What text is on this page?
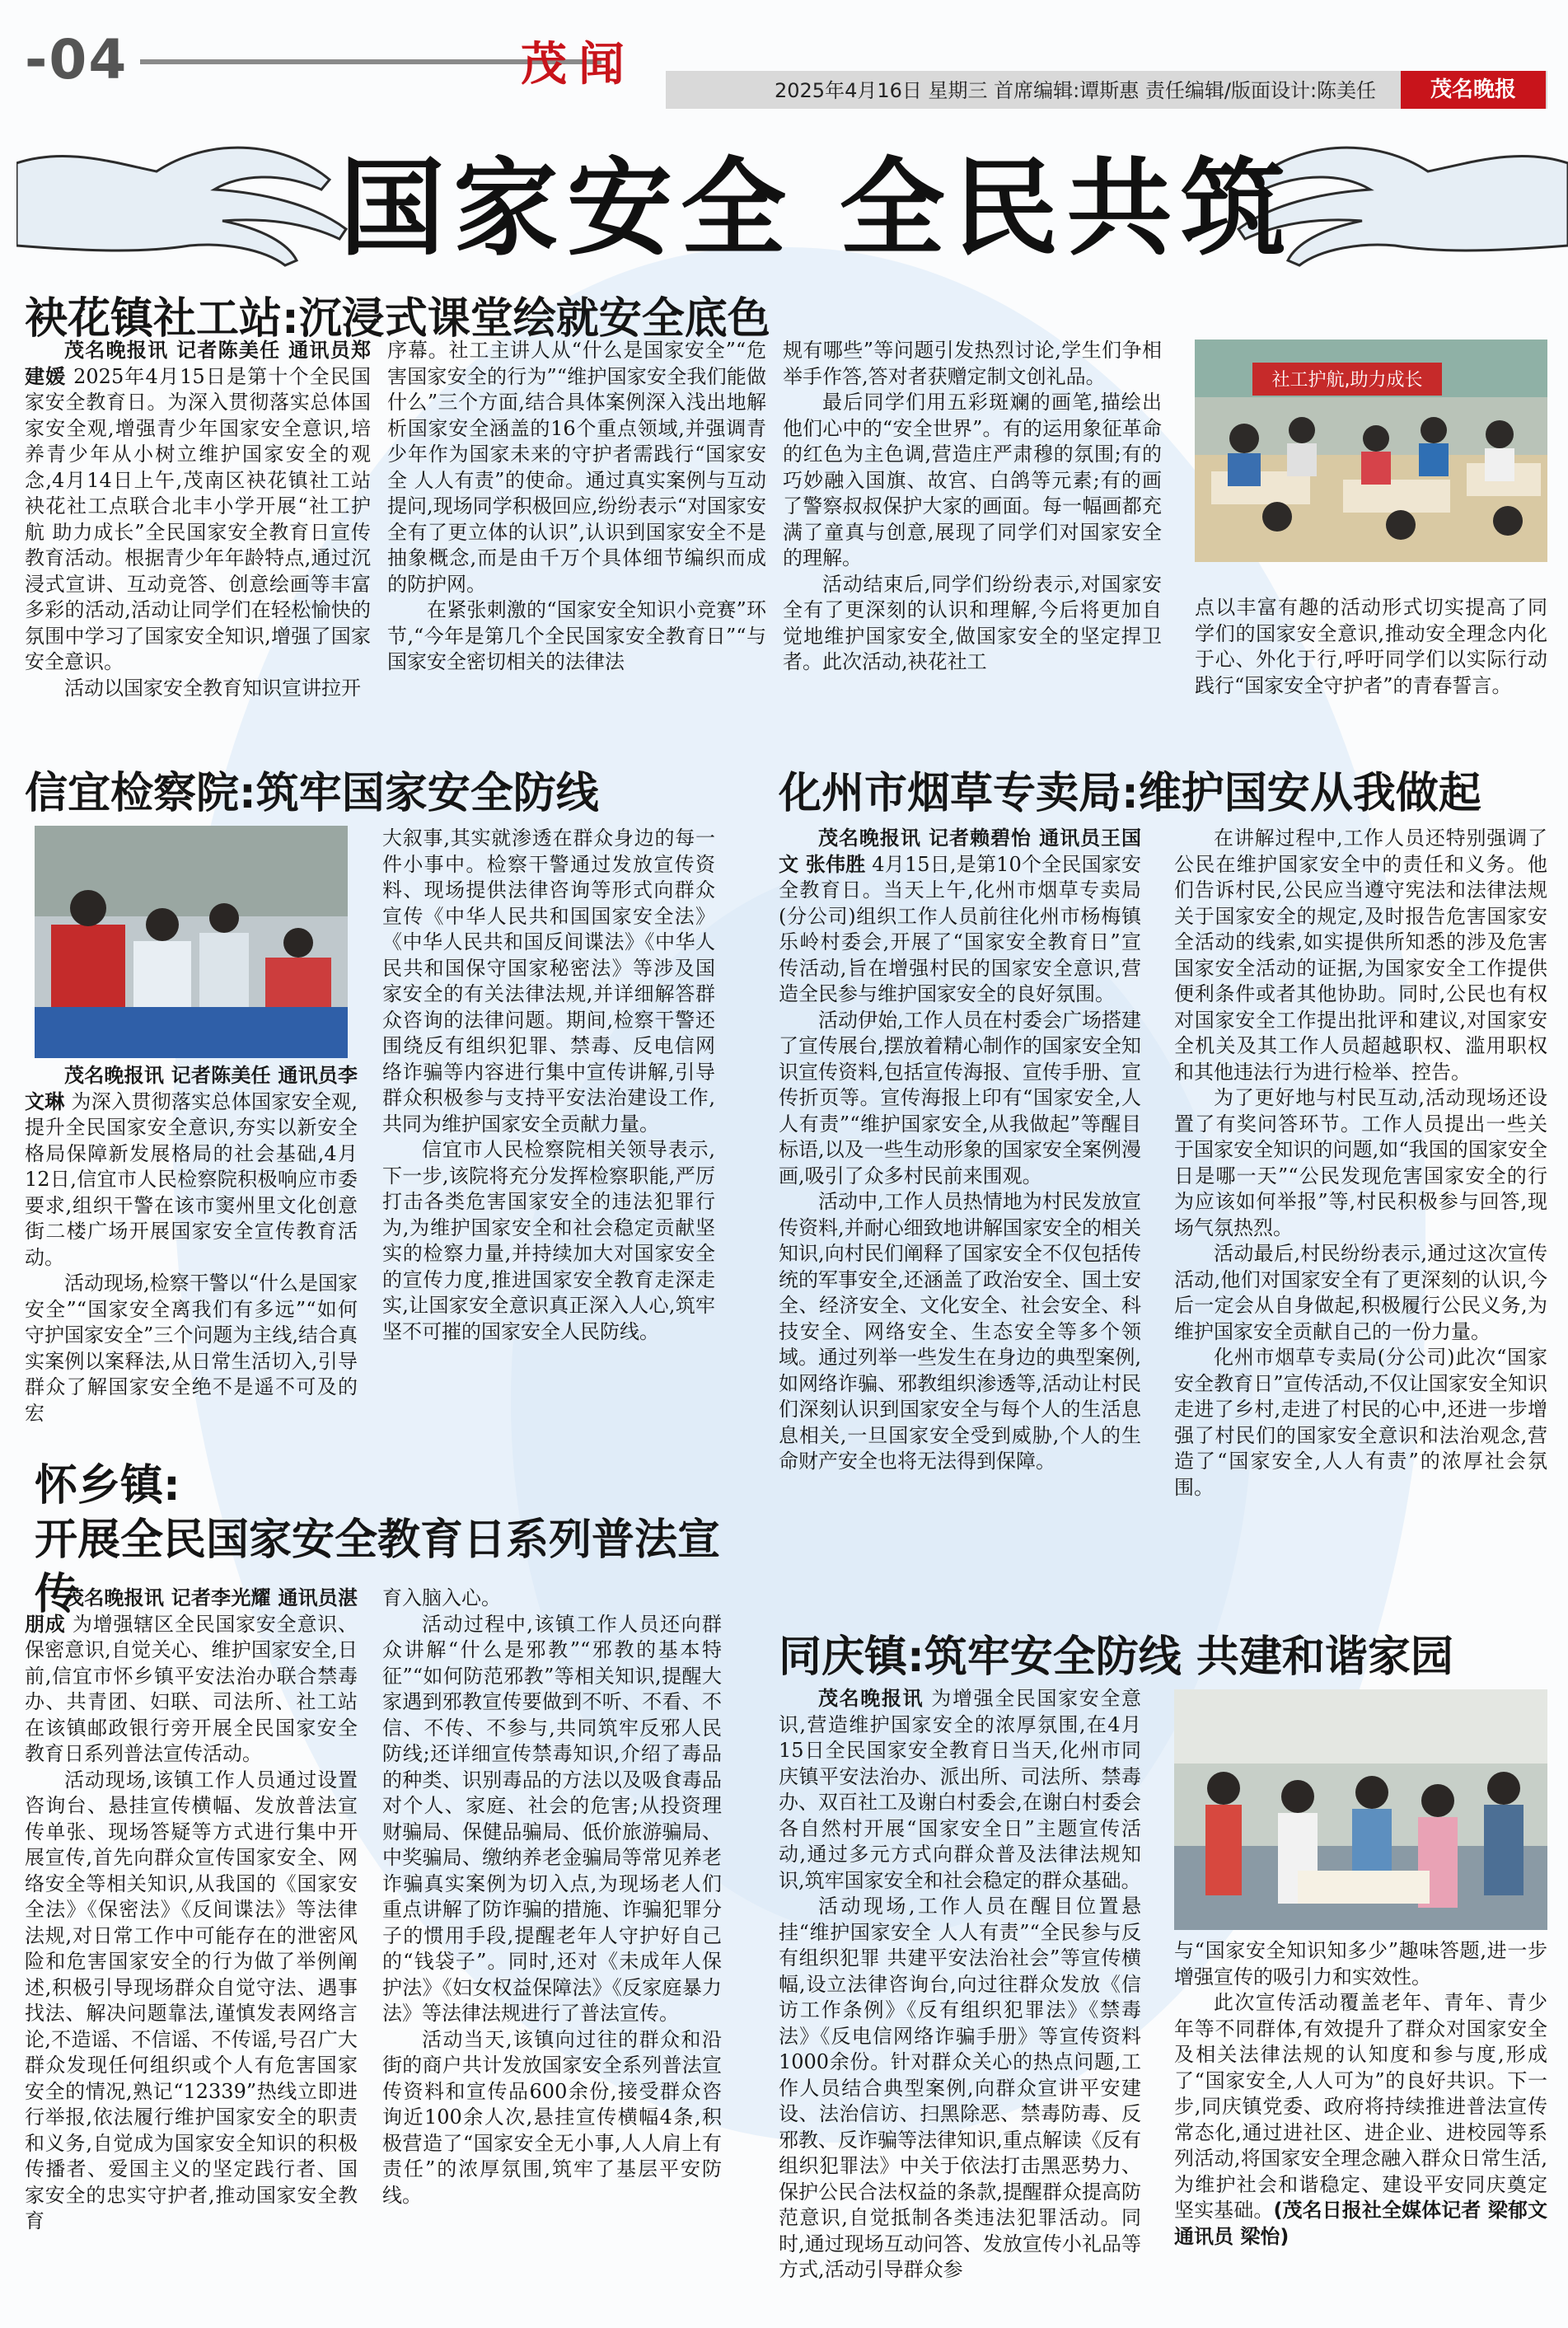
-04	茂闻	2025年4月16日 星期三 首席编辑:谭斯惠 责任编辑/版面设计:陈美任	茂名晚报
国家安全 全民共筑
袂花镇社工站:沉浸式课堂绘就安全底色

茂名晚报讯 记者陈美任 通讯员郑建媛 2025年4月15日是第十个全民国家安全教育日。为深入贯彻落实总体国家安全观,增强青少年国家安全意识,培养青少年从小树立维护国家安全的观念,4月14日上午,茂南区袂花镇社工站袂花社工点联合北丰小学开展“社工护航 助力成长”全民国家安全教育日宣传教育活动。根据青少年年龄特点,通过沉浸式宣讲、互动竞答、创意绘画等丰富多彩的活动,活动让同学们在轻松愉快的氛围中学习了国家安全知识,增强了国家安全意识。

活动以国家安全教育知识宣讲拉开

序幕。社工主讲人从“什么是国家安全”“危害国家安全的行为”“维护国家安全我们能做什么”三个方面,结合具体案例深入浅出地解析国家安全涵盖的16个重点领域,并强调青少年作为国家未来的守护者需践行“国家安全 人人有责”的使命。通过真实案例与互动提问,现场同学积极回应,纷纷表示“对国家安全有了更立体的认识”,认识到国家安全不是抽象概念,而是由千万个具体细节编织而成的防护网。

在紧张刺激的“国家安全知识小竞赛”环节,“今年是第几个全民国家安全教育日”“与国家安全密切相关的法律法

规有哪些”等问题引发热烈讨论,学生们争相举手作答,答对者获赠定制文创礼品。

最后同学们用五彩斑斓的画笔,描绘出他们心中的“安全世界”。有的运用象征革命的红色为主色调,营造庄严肃穆的氛围;有的巧妙融入国旗、故宫、白鸽等元素;有的画了警察叔叔保护大家的画面。每一幅画都充满了童真与创意,展现了同学们对国家安全的理解。

活动结束后,同学们纷纷表示,对国家安全有了更深刻的认识和理解,今后将更加自觉地维护国家安全,做国家安全的坚定捍卫者。此次活动,袂花社工

社工护航,助力成长

点以丰富有趣的活动形式切实提高了同学们的国家安全意识,推动安全理念内化于心、外化于行,呼吁同学们以实际行动践行“国家安全守护者”的青春誓言。

信宜检察院:筑牢国家安全防线

茂名晚报讯 记者陈美任 通讯员李文琳 为深入贯彻落实总体国家安全观,提升全民国家安全意识,夯实以新安全格局保障新发展格局的社会基础,4月12日,信宜市人民检察院积极响应市委要求,组织干警在该市窦州里文化创意街二楼广场开展国家安全宣传教育活动。

活动现场,检察干警以“什么是国家安全”“国家安全离我们有多远”“如何守护国家安全”三个问题为主线,结合真实案例以案释法,从日常生活切入,引导群众了解国家安全绝不是遥不可及的宏

大叙事,其实就渗透在群众身边的每一件小事中。检察干警通过发放宣传资料、现场提供法律咨询等形式向群众宣传《中华人民共和国国家安全法》《中华人民共和国反间谍法》《中华人民共和国保守国家秘密法》等涉及国家安全的有关法律法规,并详细解答群众咨询的法律问题。期间,检察干警还围绕反有组织犯罪、禁毒、反电信网络诈骗等内容进行集中宣传讲解,引导群众积极参与支持平安法治建设工作,共同为维护国家安全贡献力量。

信宜市人民检察院相关领导表示,下一步,该院将充分发挥检察职能,严厉打击各类危害国家安全的违法犯罪行为,为维护国家安全和社会稳定贡献坚实的检察力量,并持续加大对国家安全的宣传力度,推进国家安全教育走深走实,让国家安全意识真正深入人心,筑牢坚不可摧的国家安全人民防线。

化州市烟草专卖局:维护国安从我做起

茂名晚报讯 记者赖碧怡 通讯员王国文 张伟胜 4月15日,是第10个全民国家安全教育日。当天上午,化州市烟草专卖局(分公司)组织工作人员前往化州市杨梅镇乐岭村委会,开展了“国家安全教育日”宣传活动,旨在增强村民的国家安全意识,营造全民参与维护国家安全的良好氛围。

活动伊始,工作人员在村委会广场搭建了宣传展台,摆放着精心制作的国家安全知识宣传资料,包括宣传海报、宣传手册、宣传折页等。宣传海报上印有“国家安全,人人有责”“维护国家安全,从我做起”等醒目标语,以及一些生动形象的国家安全案例漫画,吸引了众多村民前来围观。

活动中,工作人员热情地为村民发放宣传资料,并耐心细致地讲解国家安全的相关知识,向村民们阐释了国家安全不仅包括传统的军事安全,还涵盖了政治安全、国土安全、经济安全、文化安全、社会安全、科技安全、网络安全、生态安全等多个领域。通过列举一些发生在身边的典型案例,如网络诈骗、邪教组织渗透等,活动让村民们深刻认识到国家安全与每个人的生活息息相关,一旦国家安全受到威胁,个人的生命财产安全也将无法得到保障。

在讲解过程中,工作人员还特别强调了公民在维护国家安全中的责任和义务。他们告诉村民,公民应当遵守宪法和法律法规关于国家安全的规定,及时报告危害国家安全活动的线索,如实提供所知悉的涉及危害国家安全活动的证据,为国家安全工作提供便利条件或者其他协助。同时,公民也有权对国家安全工作提出批评和建议,对国家安全机关及其工作人员超越职权、滥用职权和其他违法行为进行检举、控告。

为了更好地与村民互动,活动现场还设置了有奖问答环节。工作人员提出一些关于国家安全知识的问题,如“我国的国家安全日是哪一天”“公民发现危害国家安全的行为应该如何举报”等,村民积极参与回答,现场气氛热烈。

活动最后,村民纷纷表示,通过这次宣传活动,他们对国家安全有了更深刻的认识,今后一定会从自身做起,积极履行公民义务,为维护国家安全贡献自己的一份力量。

化州市烟草专卖局(分公司)此次“国家安全教育日”宣传活动,不仅让国家安全知识走进了乡村,走进了村民的心中,还进一步增强了村民们的国家安全意识和法治观念,营造了“国家安全,人人有责”的浓厚社会氛围。

怀乡镇:
开展全民国家安全教育日系列普法宣传

茂名晚报讯 记者李光耀 通讯员湛朋成 为增强辖区全民国家安全意识、保密意识,自觉关心、维护国家安全,日前,信宜市怀乡镇平安法治办联合禁毒办、共青团、妇联、司法所、社工站在该镇邮政银行旁开展全民国家安全教育日系列普法宣传活动。

活动现场,该镇工作人员通过设置咨询台、悬挂宣传横幅、发放普法宣传单张、现场答疑等方式进行集中开展宣传,首先向群众宣传国家安全、网络安全等相关知识,从我国的《国家安全法》《保密法》《反间谍法》等法律法规,对日常工作中可能存在的泄密风险和危害国家安全的行为做了举例阐述,积极引导现场群众自觉守法、遇事找法、解决问题靠法,谨慎发表网络言论,不造谣、不信谣、不传谣,号召广大群众发现任何组织或个人有危害国家安全的情况,熟记“12339”热线立即进行举报,依法履行维护国家安全的职责和义务,自觉成为国家安全知识的积极传播者、爱国主义的坚定践行者、国家安全的忠实守护者,推动国家安全教育

育入脑入心。

活动过程中,该镇工作人员还向群众讲解“什么是邪教”“邪教的基本特征”“如何防范邪教”等相关知识,提醒大家遇到邪教宣传要做到不听、不看、不信、不传、不参与,共同筑牢反邪人民防线;还详细宣传禁毒知识,介绍了毒品的种类、识别毒品的方法以及吸食毒品对个人、家庭、社会的危害;从投资理财骗局、保健品骗局、低价旅游骗局、中奖骗局、缴纳养老金骗局等常见养老诈骗真实案例为切入点,为现场老人们重点讲解了防诈骗的措施、诈骗犯罪分子的惯用手段,提醒老年人守护好自己的“钱袋子”。同时,还对《未成年人保护法》《妇女权益保障法》《反家庭暴力法》等法律法规进行了普法宣传。

活动当天,该镇向过往的群众和沿街的商户共计发放国家安全系列普法宣传资料和宣传品600余份,接受群众咨询近100余人次,悬挂宣传横幅4条,积极营造了“国家安全无小事,人人肩上有责任”的浓厚氛围,筑牢了基层平安防线。

同庆镇:筑牢安全防线 共建和谐家园

茂名晚报讯 为增强全民国家安全意识,营造维护国家安全的浓厚氛围,在4月15日全民国家安全教育日当天,化州市同庆镇平安法治办、派出所、司法所、禁毒办、双百社工及谢白村委会,在谢白村委会各自然村开展“国家安全日”主题宣传活动,通过多元方式向群众普及法律法规知识,筑牢国家安全和社会稳定的群众基础。

活动现场,工作人员在醒目位置悬挂“维护国家安全 人人有责”“全民参与反有组织犯罪 共建平安法治社会”等宣传横幅,设立法律咨询台,向过往群众发放《信访工作条例》《反有组织犯罪法》《禁毒法》《反电信网络诈骗手册》等宣传资料1000余份。针对群众关心的热点问题,工作人员结合典型案例,向群众宣讲平安建设、法治信访、扫黑除恶、禁毒防毒、反邪教、反诈骗等法律知识,重点解读《反有组织犯罪法》中关于依法打击黑恶势力、保护公民合法权益的条款,提醒群众提高防范意识,自觉抵制各类违法犯罪活动。同时,通过现场互动问答、发放宣传小礼品等方式,活动引导群众参

与“国家安全知识知多少”趣味答题,进一步增强宣传的吸引力和实效性。

此次宣传活动覆盖老年、青年、青少年等不同群体,有效提升了群众对国家安全及相关法律法规的认知度和参与度,形成了“国家安全,人人可为”的良好共识。下一步,同庆镇党委、政府将持续推进普法宣传常态化,通过进社区、进企业、进校园等系列活动,将国家安全理念融入群众日常生活,为维护社会和谐稳定、建设平安同庆奠定坚实基础。(茂名日报社全媒体记者 梁郁文 通讯员 梁怡)
